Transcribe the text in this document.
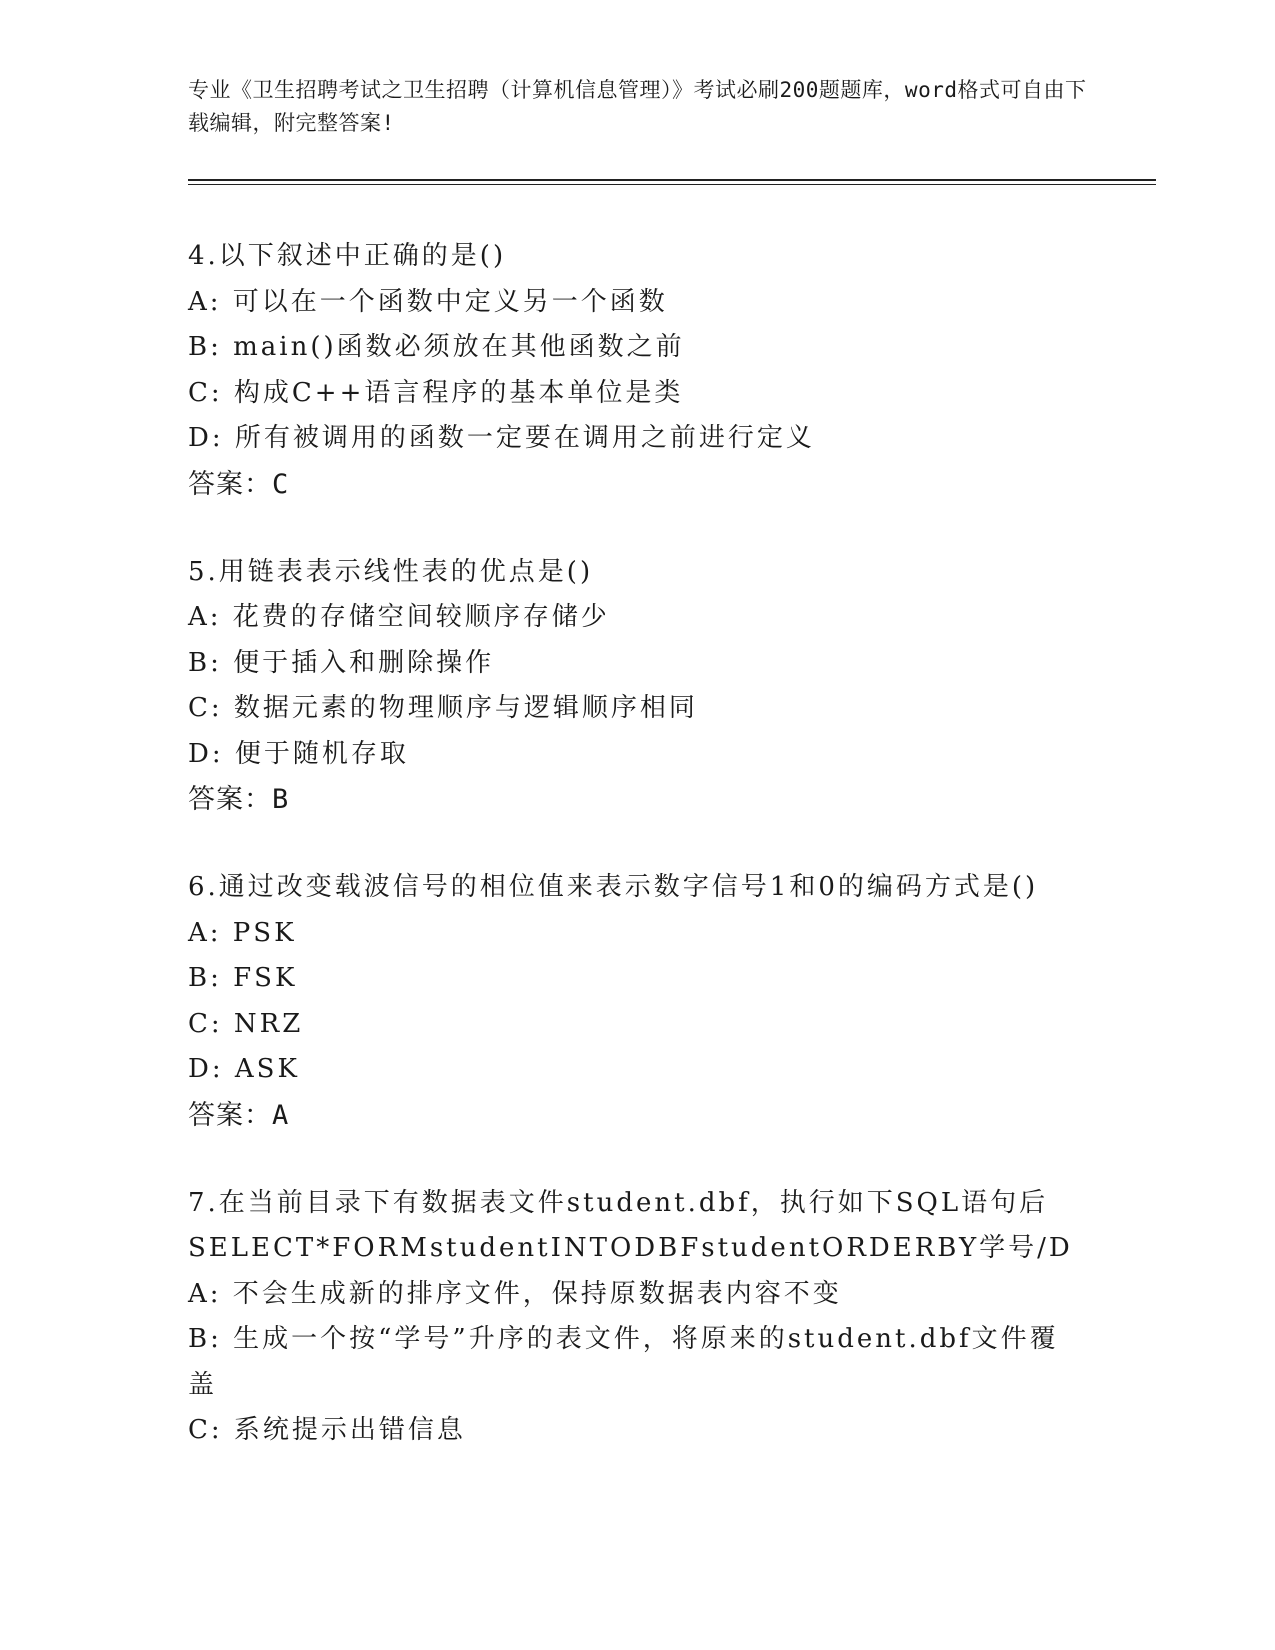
专业《卫生招聘考试之卫生招聘（计算机信息管理）》考试必刷200题题库，word格式可自由下载编辑，附完整答案!
4.以下叙述中正确的是()
A: 可以在一个函数中定义另一个函数
B: main()函数必须放在其他函数之前
C: 构成C++语言程序的基本单位是类
D: 所有被调用的函数一定要在调用之前进行定义
答案：C
5.用链表表示线性表的优点是()
A: 花费的存储空间较顺序存储少
B: 便于插入和删除操作
C: 数据元素的物理顺序与逻辑顺序相同
D: 便于随机存取
答案：B
6.通过改变载波信号的相位值来表示数字信号1和0的编码方式是()
A: PSK
B: FSK
C: NRZ
D: ASK
答案：A
7.在当前目录下有数据表文件student.dbf，执行如下SQL语句后
SELECT*FORMstudentINTODBFstudentORDERBY学号/D
A: 不会生成新的排序文件，保持原数据表内容不变
B: 生成一个按“学号”升序的表文件，将原来的student.dbf文件覆盖
C: 系统提示出错信息
